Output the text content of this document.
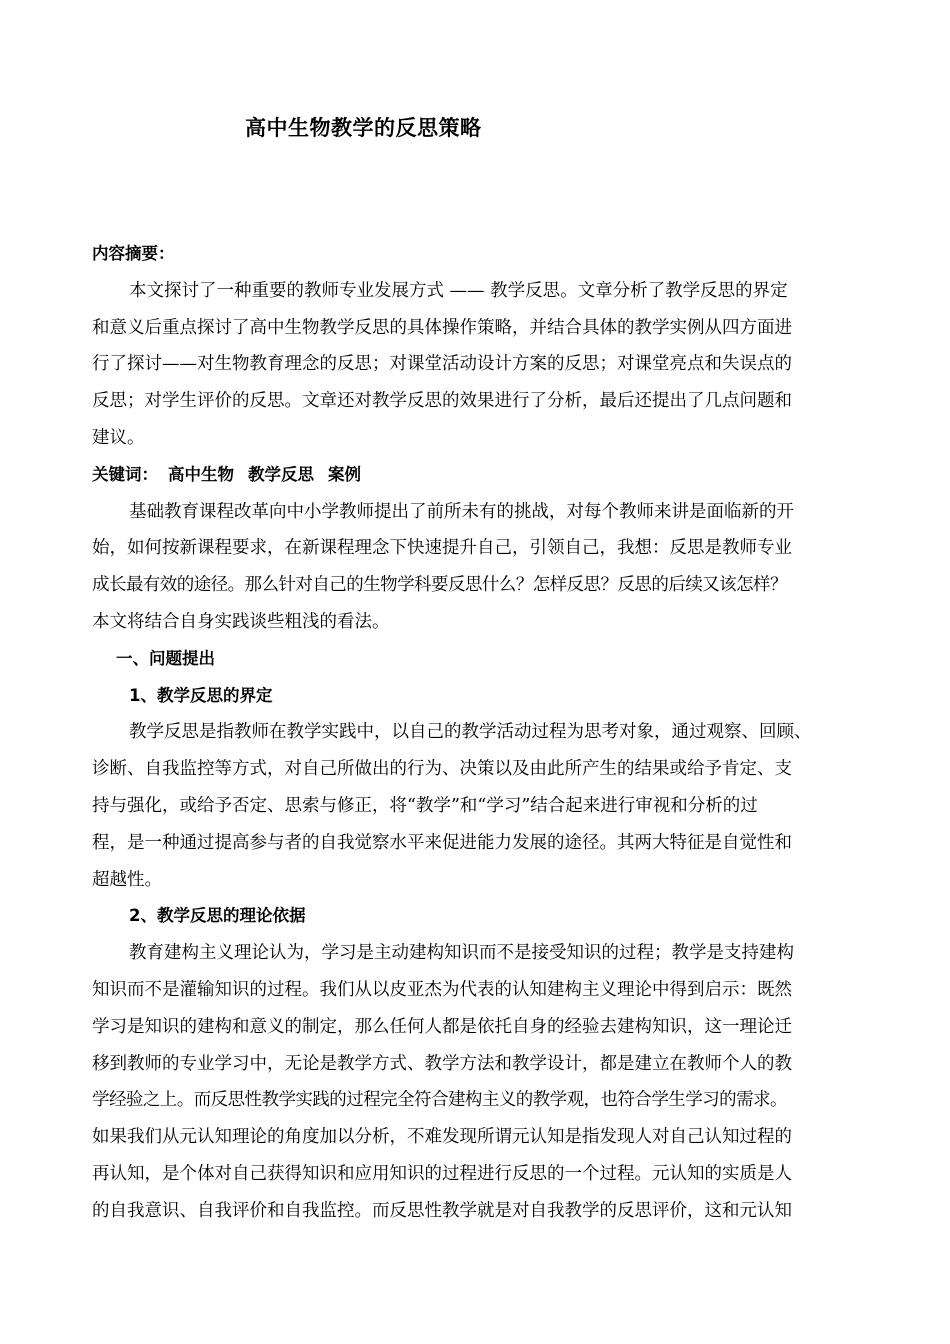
高中生物教学的反思策略
内容摘要：
本文探讨了一种重要的教师专业发展方式 —— 教学反思。文章分析了教学反思的界定
和意义后重点探讨了高中生物教学反思的具体操作策略，并结合具体的教学实例从四方面进
行了探讨——对生物教育理念的反思；对课堂活动设计方案的反思；对课堂亮点和失误点的
反思；对学生评价的反思。文章还对教学反思的效果进行了分析，最后还提出了几点问题和
建议。
关键词： 高中生物 教学反思 案例
基础教育课程改革向中小学教师提出了前所未有的挑战，对每个教师来讲是面临新的开
始，如何按新课程要求，在新课程理念下快速提升自己，引领自己，我想：反思是教师专业
成长最有效的途径。那么针对自己的生物学科要反思什么？怎样反思？反思的后续又该怎样？
本文将结合自身实践谈些粗浅的看法。
一、问题提出
1、教学反思的界定
教学反思是指教师在教学实践中，以自己的教学活动过程为思考对象，通过观察、回顾、
诊断、自我监控等方式，对自己所做出的行为、决策以及由此所产生的结果或给予肯定、支
持与强化，或给予否定、思索与修正，将“教学”和“学习”结合起来进行审视和分析的过
程，是一种通过提高参与者的自我觉察水平来促进能力发展的途径。其两大特征是自觉性和
超越性。
2、教学反思的理论依据
教育建构主义理论认为，学习是主动建构知识而不是接受知识的过程；教学是支持建构
知识而不是灌输知识的过程。我们从以皮亚杰为代表的认知建构主义理论中得到启示：既然
学习是知识的建构和意义的制定，那么任何人都是依托自身的经验去建构知识，这一理论迁
移到教师的专业学习中，无论是教学方式、教学方法和教学设计，都是建立在教师个人的教
学经验之上。而反思性教学实践的过程完全符合建构主义的教学观，也符合学生学习的需求。
如果我们从元认知理论的角度加以分析，不难发现所谓元认知是指发现人对自己认知过程的
再认知，是个体对自己获得知识和应用知识的过程进行反思的一个过程。元认知的实质是人
的自我意识、自我评价和自我监控。而反思性教学就是对自我教学的反思评价，这和元认知
